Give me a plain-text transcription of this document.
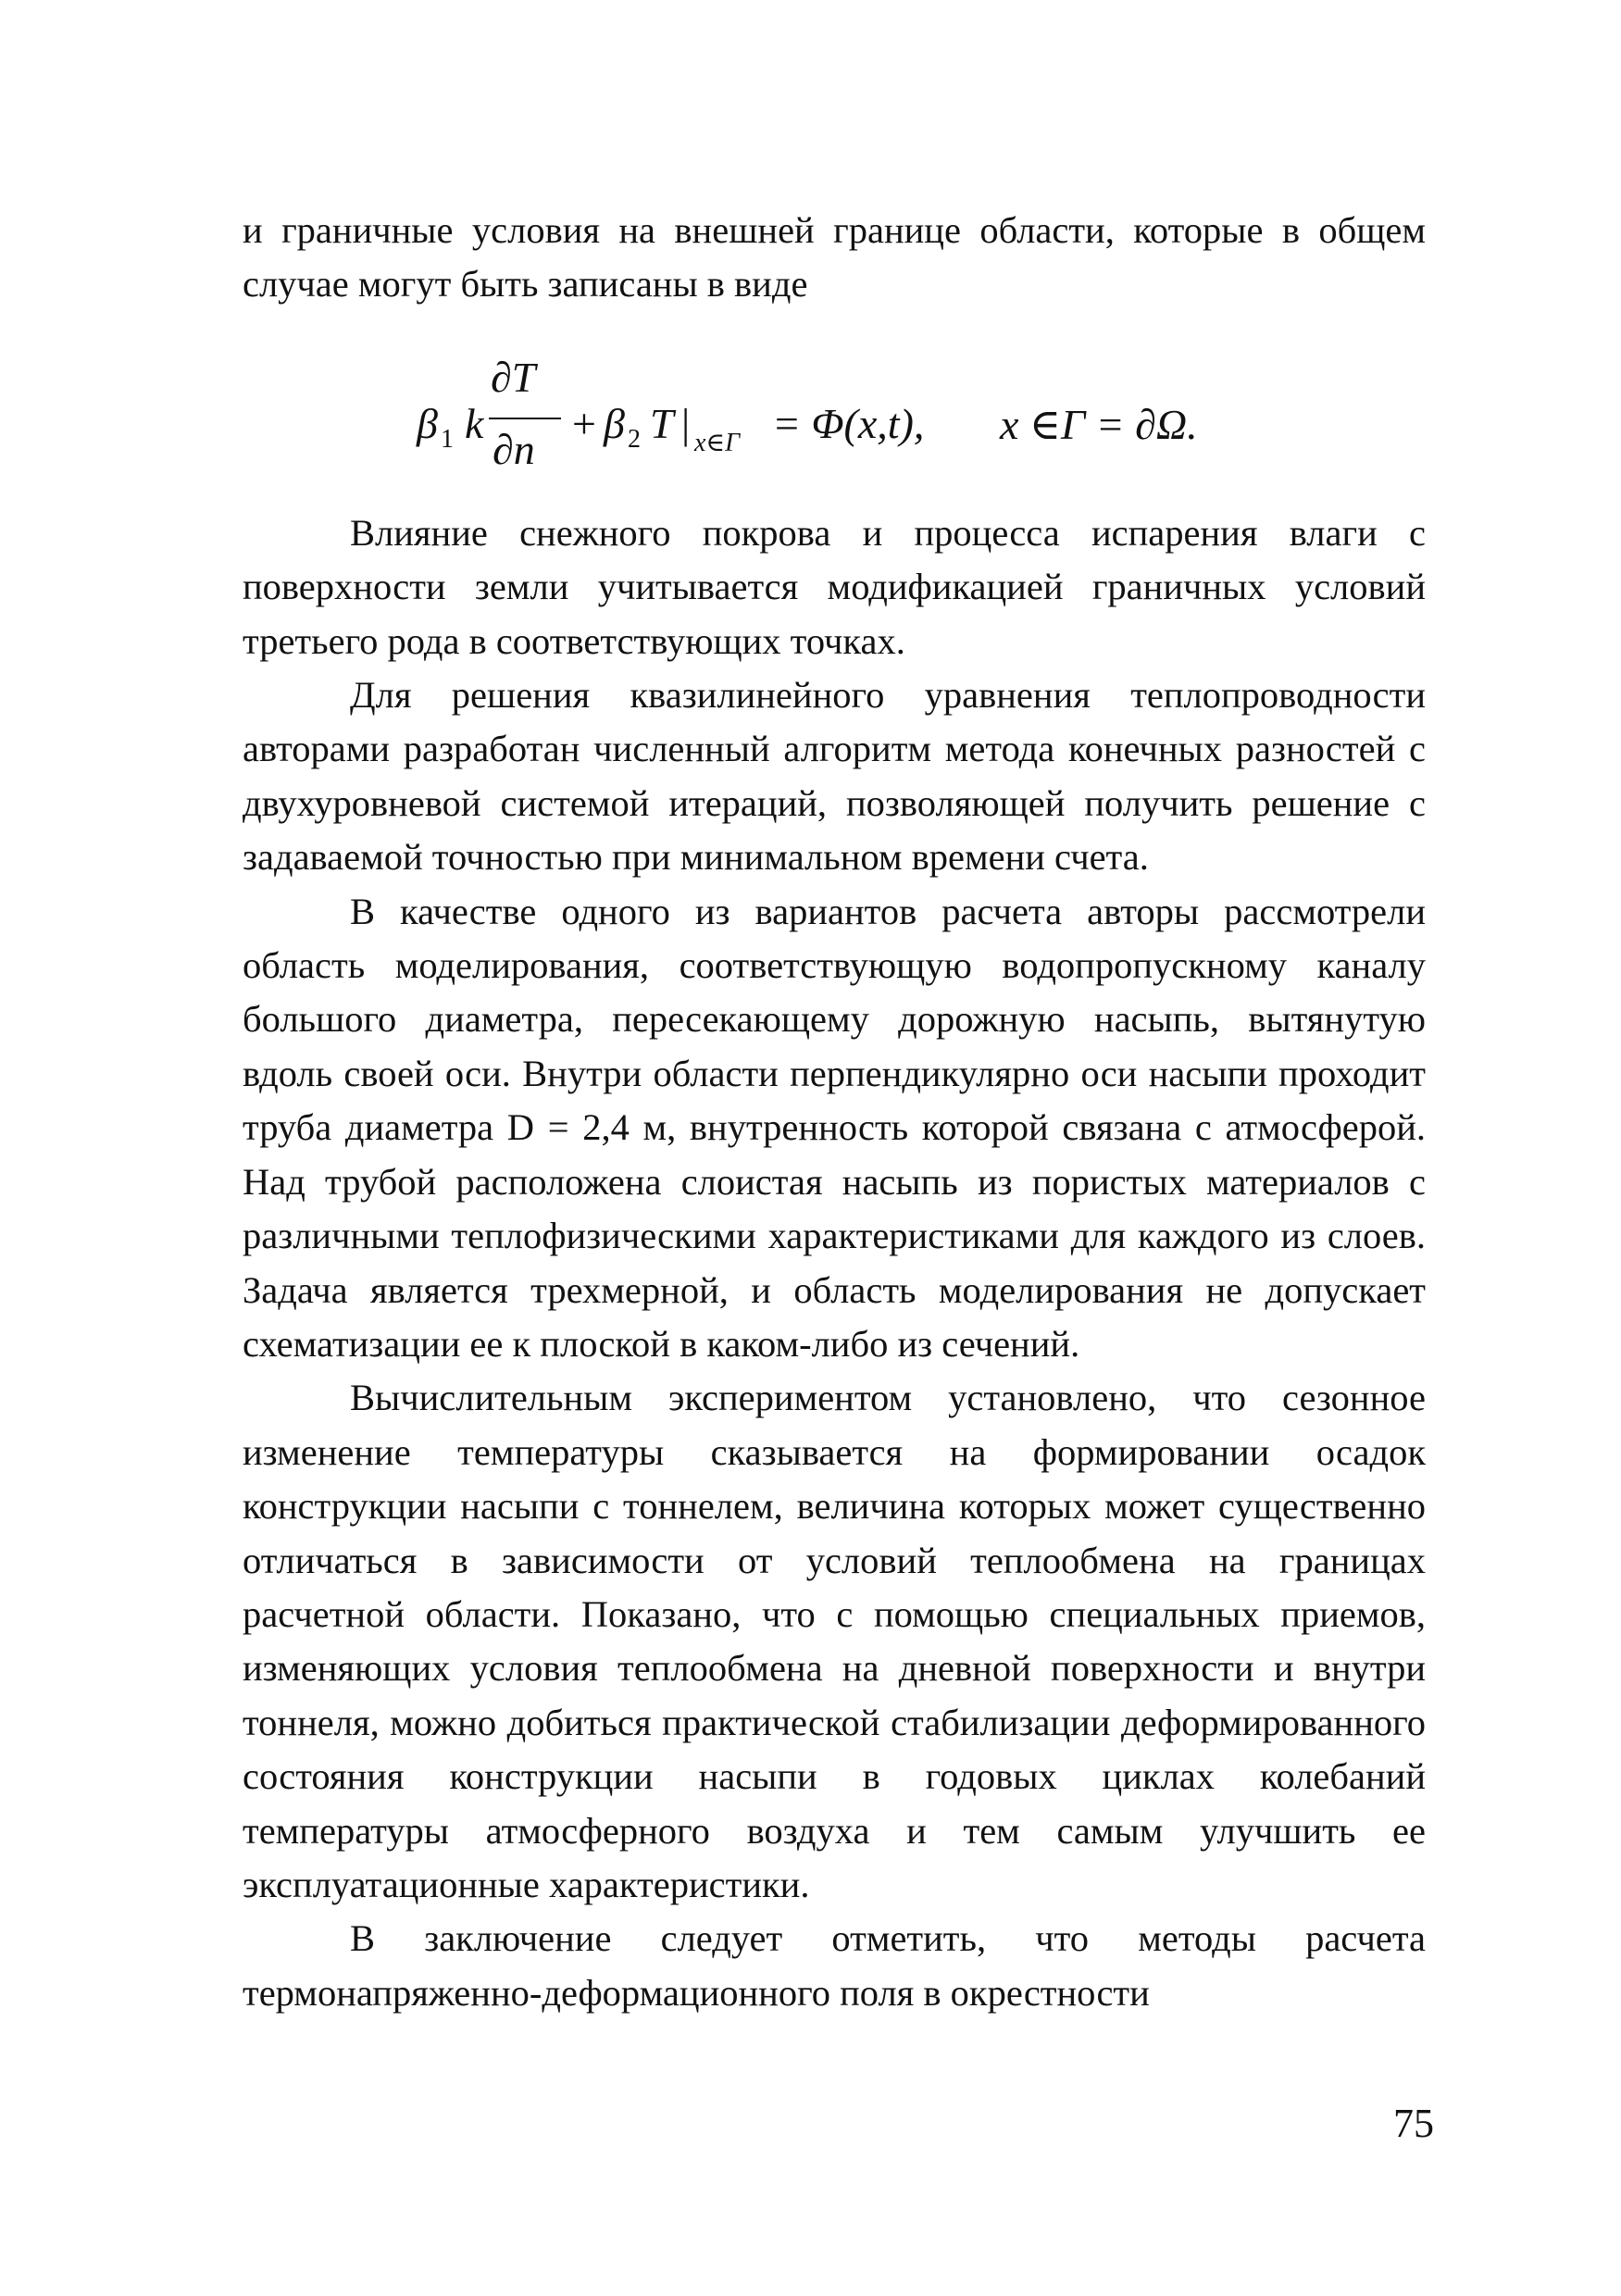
и граничные условия на внешней границе области, которые в общем случае могут быть записаны в виде

β 1 k
∂T
∂n
+ β 2 T | x∈Γ = Φ(x,t), x ∈Γ = ∂Ω.

Влияние снежного покрова и процесса испарения влаги с поверхности земли учитывается модификацией граничных условий третьего рода в соответствующих точках.

Для решения квазилинейного уравнения теплопроводности авторами разработан численный алгоритм метода конечных разностей с двухуровневой системой итераций, позволяющей получить решение с задаваемой точностью при минимальном времени счета.

В качестве одного из вариантов расчета авторы рассмотрели область моделирования, соответствующую водопропускному каналу большого диаметра, пересекающему дорожную насыпь, вытянутую вдоль своей оси. Внутри области перпендикулярно оси насыпи проходит труба диаметра D = 2,4 м, внутренность которой связана с атмосферой. Над трубой расположена слоистая насыпь из пористых материалов с различными теплофизическими характеристиками для каждого из слоев. Задача является трехмерной, и область моделирования не допускает схематизации ее к плоской в каком-либо из сечений.

Вычислительным экспериментом установлено, что сезонное изменение температуры сказывается на формировании осадок конструкции насыпи с тоннелем, величина которых может существенно отличаться в зависимости от условий теплообмена на границах расчетной области. Показано, что с помощью специальных приемов, изменяющих условия теплообмена на дневной поверхности и внутри тоннеля, можно добиться практической стабилизации деформированного состояния конструкции насыпи в годовых циклах колебаний температуры атмосферного воздуха и тем самым улучшить ее эксплуатационные характеристики.

В заключение следует отметить, что методы расчета термонапряженно-деформационного поля в окрестности

75
